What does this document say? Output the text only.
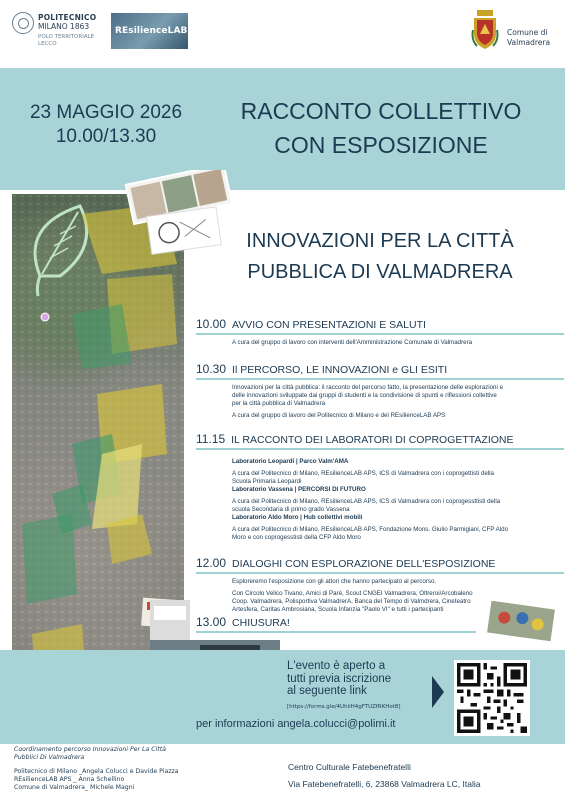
POLITECNICO
MILANO 1863
POLO TERRITORIALE
LECCO
REsilienceLAB	Comune di
Valmadrera
23 MAGGIO 2026
10.00/13.30
RACCONTO COLLETTIVO
CON ESPOSIZIONE
INNOVAZIONI PER LA CITTÀ
PUBBLICA DI VALMADRERA
10.00 AVVIO CON PRESENTAZIONI E SALUTI
A cura del gruppo di lavoro con interventi dell'Amministrazione Comunale di Valmadrera
10.30 Il PERCORSO, LE INNOVAZIONI e GLI ESITI
Innovazioni per la città pubblica: il racconto del percorso fatto, la presentazione delle esplorazioni e
delle innovazioni sviluppate dai gruppi di studenti e la condivisione di spunti e riflessioni collettive
per la città pubblica di Valmadrera
A cura del gruppo di lavoro del Politecnico di Milano e del REsilienceLAB APS
11.15 IL RACCONTO DEI LABORATORI DI COPROGETTAZIONE
Laboratorio Leopardi | Parco Valm'AMA
A cura del Politecnico di Milano, REsilienceLAB APS, ICS di Valmadrera con i coprogettisti della
Scuola Primaria Leopardi
Laboratorio Vassena | PERCORSI DI FUTURO
A cura del Politecnico di Milano, REsilienceLAB APS, ICS di Valmadrera con i coprogessttisti della
scuola Secondaria di primo grado Vassena
Laboratorio Aldo Moro | Hub collettivi mobili
A cura del Politecnico di Milano, REsilienceLAB APS, Fondazione Mons. Giulio Parmigiani, CFP Aldo
Moro e con coprogesstisti della CFP Aldo Moro
12.00 DIALOGHI CON ESPLORAZIONE DELL'ESPOSIZIONE
Esploreremo l'esposizione con gli attori che hanno partecipato al percorso.
Con Circolo Velico Tivano, Amici di Parè, Scout CNGEI Valmadrera, Oltreroi/Arcobaleno
Coop. Valmadrera, Polisportiva ValmadrerA, Banca del Tempo di Valmdrera, Cineteatro
Artesfera, Caritas Ambrosiana, Scuola Infanzia "Paolo VI" e tutti i partecipanti
13.00 CHIUSURA!
L'evento è aperto a
tutti previa iscrizione
al seguente link
[https://forms.gle/4UhiiH4gFTUZfRKHot8]
per informazioni angela.colucci@polimi.it
Coordinamento percorso Innovazioni Per La Città
Pubblici Di Valmadrera
Politecnico di Milano _Angela Colucci e Davide Piazza
REsilienceLAB APS _ Anna Schellino
Comune di Valmadrera_ Michele Magni
Centro Culturale Fatebenefratelli
Via Fatebenefratelli, 6, 23868 Valmadrera LC, Italia
